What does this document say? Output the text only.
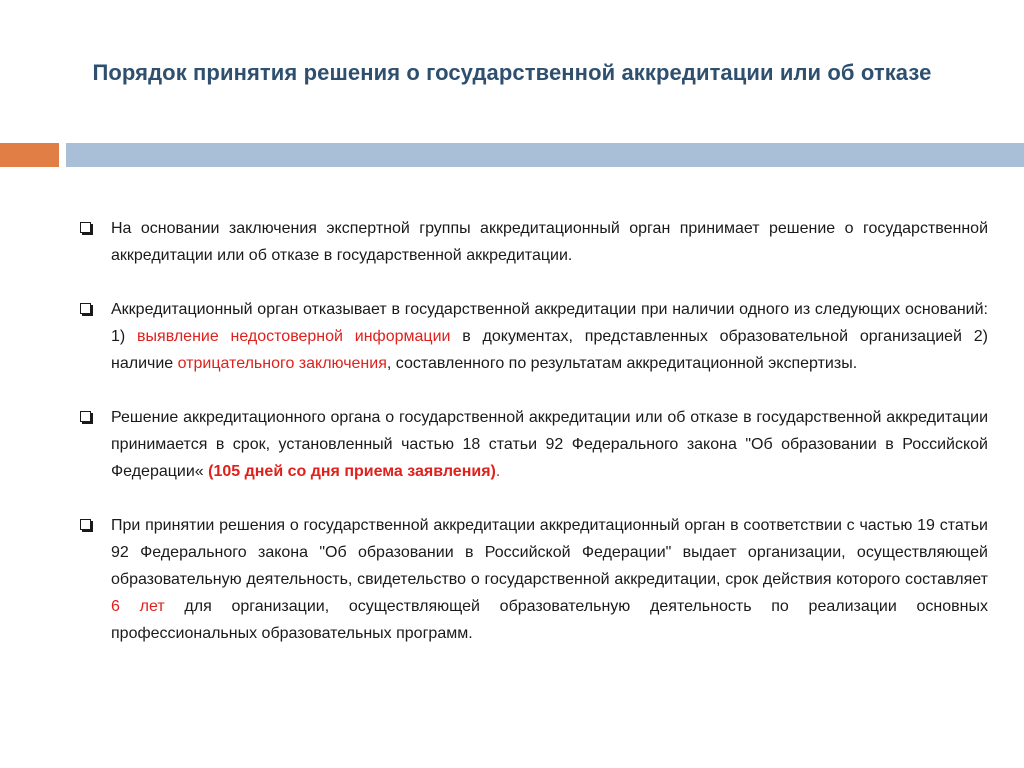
Порядок принятия решения о государственной аккредитации или об отказе
На основании заключения экспертной группы аккредитационный орган принимает решение о государственной аккредитации или об отказе в государственной аккредитации.
Аккредитационный орган отказывает в государственной аккредитации при наличии одного из следующих оснований: 1) выявление недостоверной информации в документах, представленных образовательной организацией 2) наличие отрицательного заключения, составленного по результатам аккредитационной экспертизы.
Решение аккредитационного органа о государственной аккредитации или об отказе в государственной аккредитации принимается в срок, установленный частью 18 статьи 92 Федерального закона "Об образовании в Российской Федерации« (105 дней со дня приема заявления).
При принятии решения о государственной аккредитации аккредитационный орган в соответствии с частью 19 статьи 92 Федерального закона "Об образовании в Российской Федерации" выдает организации, осуществляющей образовательную деятельность, свидетельство о государственной аккредитации, срок действия которого составляет 6 лет для организации, осуществляющей образовательную деятельность по реализации основных профессиональных образовательных программ.
